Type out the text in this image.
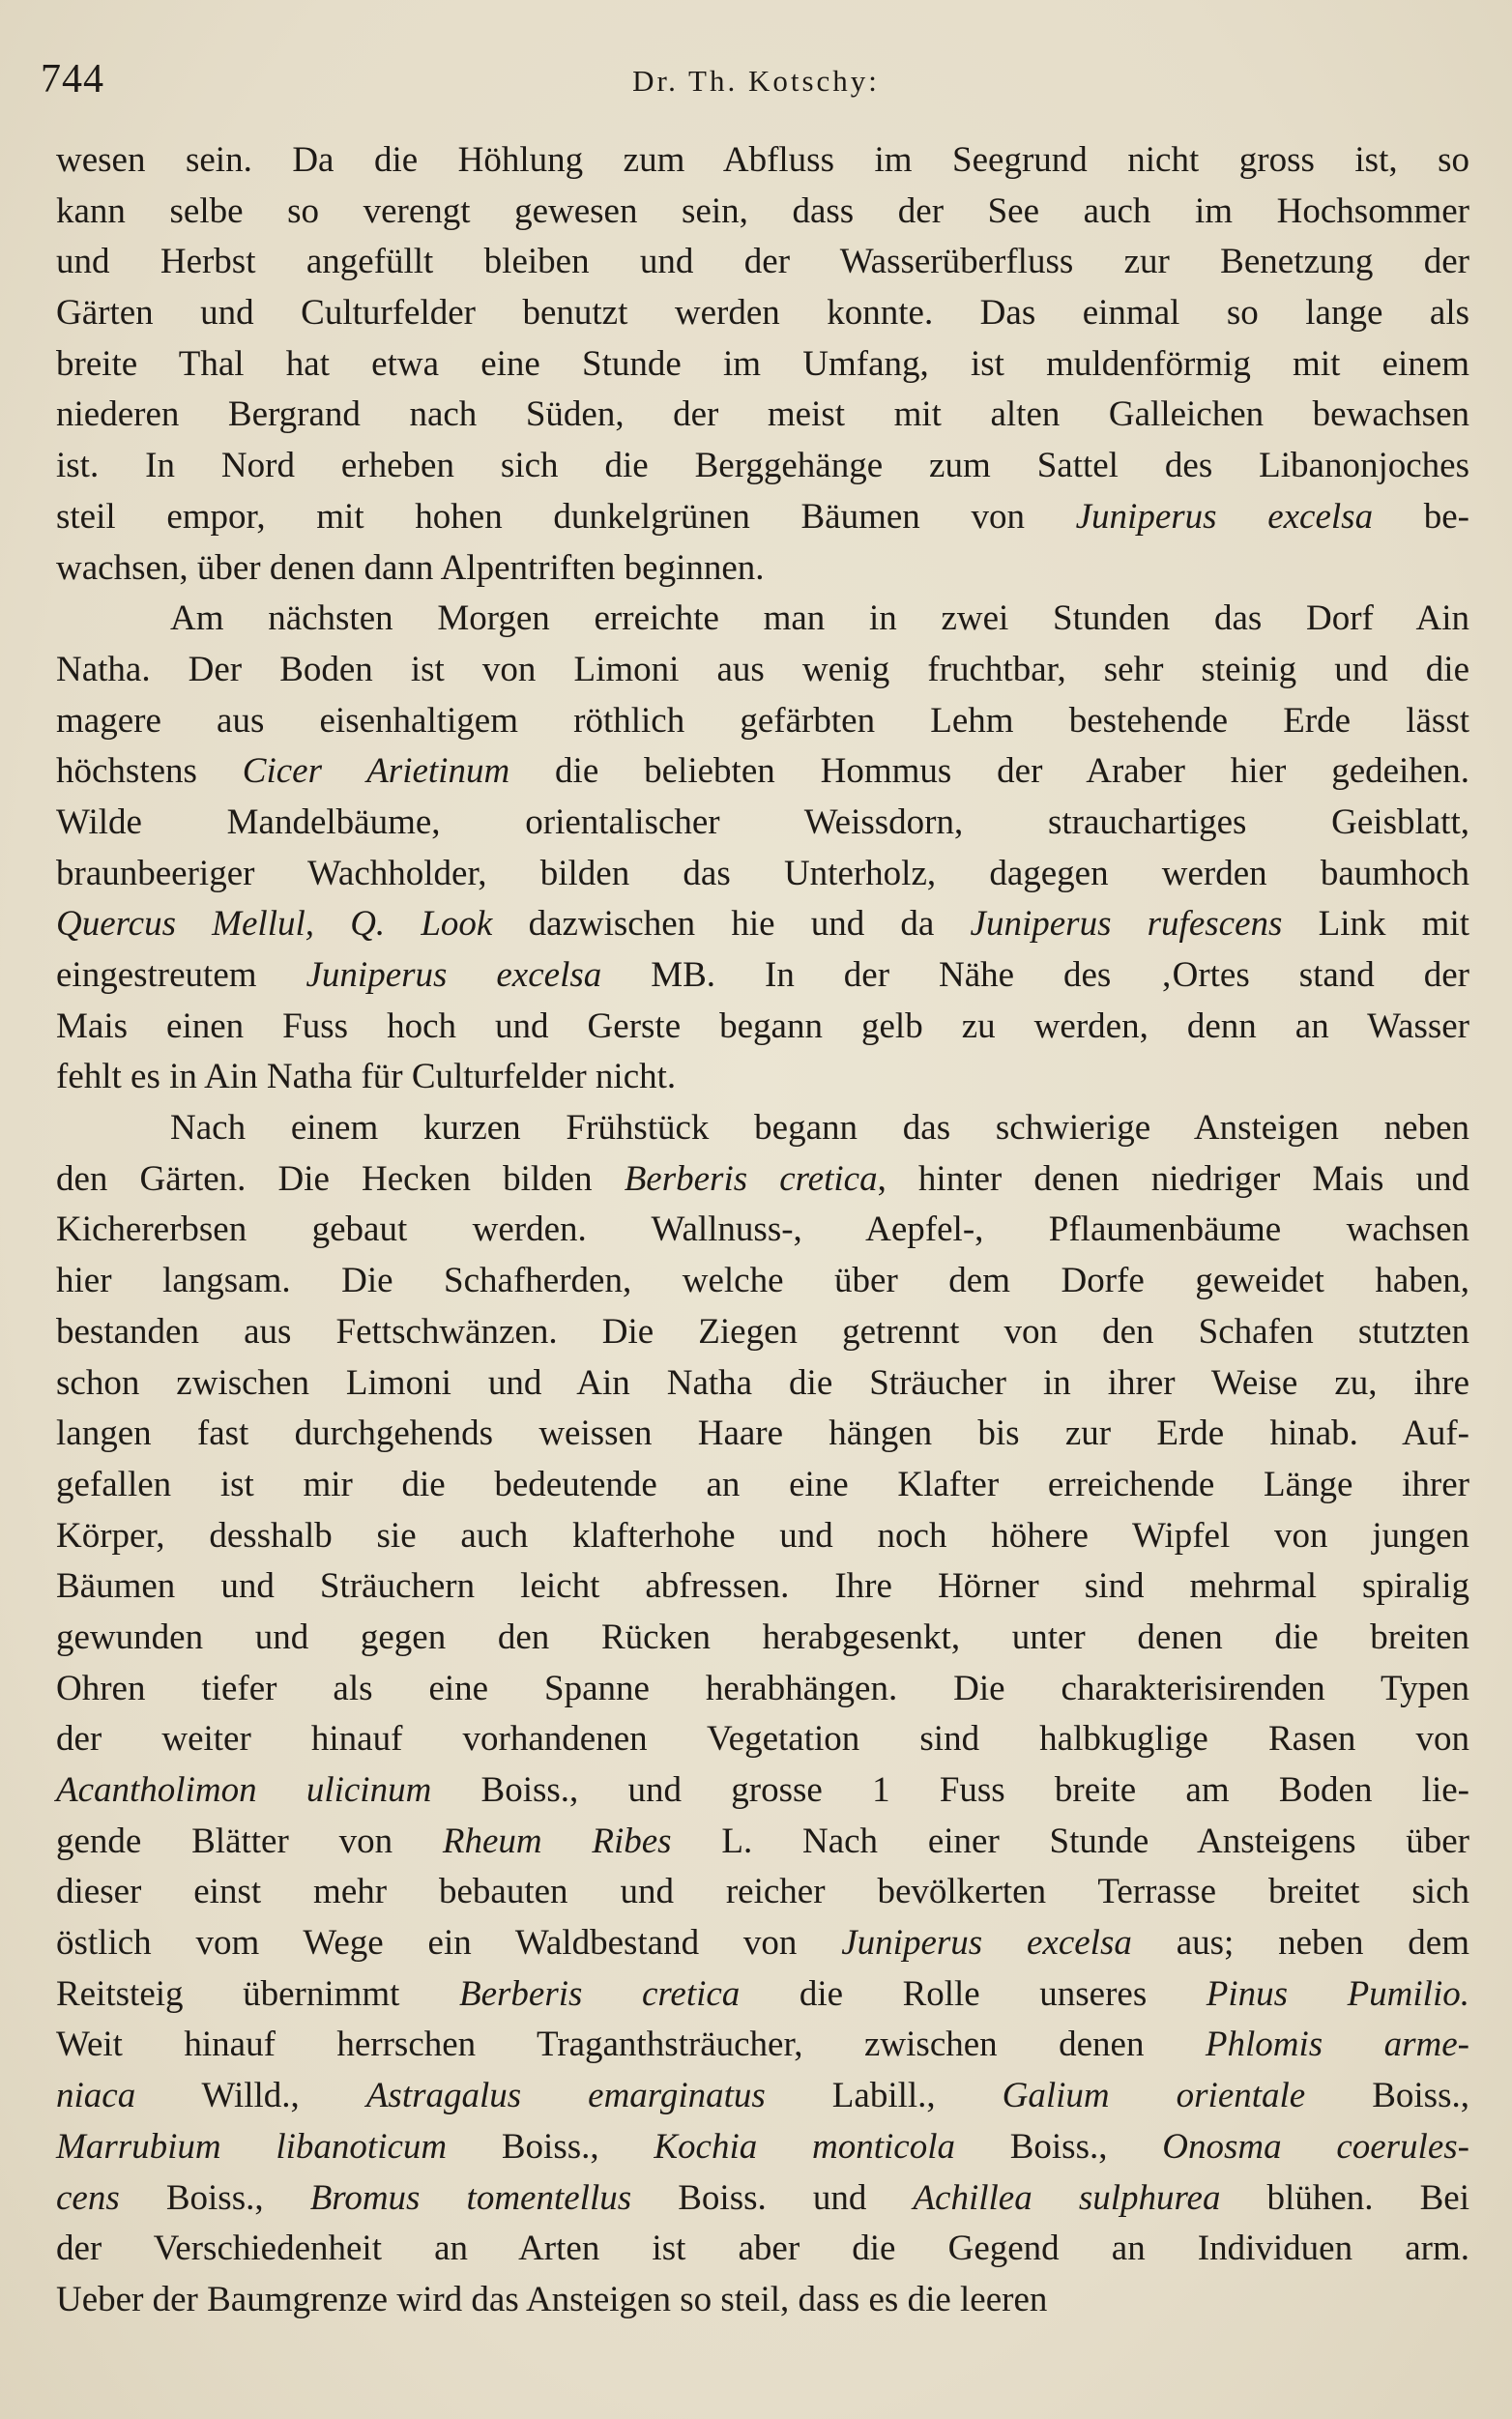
744	Dr. Th. Kotschy:
wesen sein. Da die Höhlung zum Abfluss im Seegrund nicht gross ist, so
kann selbe so verengt gewesen sein, dass der See auch im Hochsommer
und Herbst angefüllt bleiben und der Wasserüberfluss zur Benetzung der
Gärten und Culturfelder benutzt werden konnte. Das einmal so lange als
breite Thal hat etwa eine Stunde im Umfang, ist muldenförmig mit einem
niederen Bergrand nach Süden, der meist mit alten Galleichen bewachsen
ist. In Nord erheben sich die Berggehänge zum Sattel des Libanonjoches
steil empor, mit hohen dunkelgrünen Bäumen von Juniperus excelsa be-
wachsen, über denen dann Alpentriften beginnen.
Am nächsten Morgen erreichte man in zwei Stunden das Dorf Ain
Natha. Der Boden ist von Limoni aus wenig fruchtbar, sehr steinig und die
magere aus eisenhaltigem röthlich gefärbten Lehm bestehende Erde lässt
höchstens Cicer Arietinum die beliebten Hommus der Araber hier gedeihen.
Wilde Mandelbäume, orientalischer Weissdorn, strauchartiges Geisblatt,
braunbeeriger Wachholder, bilden das Unterholz, dagegen werden baumhoch
Quercus Mellul, Q. Look dazwischen hie und da Juniperus rufescens Link mit
eingestreutem Juniperus excelsa MB. In der Nähe des ‚Ortes stand der
Mais einen Fuss hoch und Gerste begann gelb zu werden, denn an Wasser
fehlt es in Ain Natha für Culturfelder nicht.
Nach einem kurzen Frühstück begann das schwierige Ansteigen neben
den Gärten. Die Hecken bilden Berberis cretica, hinter denen niedriger Mais und
Kichererbsen gebaut werden. Wallnuss-, Aepfel-, Pflaumenbäume wachsen
hier langsam. Die Schafherden, welche über dem Dorfe geweidet haben,
bestanden aus Fettschwänzen. Die Ziegen getrennt von den Schafen stutzten
schon zwischen Limoni und Ain Natha die Sträucher in ihrer Weise zu, ihre
langen fast durchgehends weissen Haare hängen bis zur Erde hinab. Auf-
gefallen ist mir die bedeutende an eine Klafter erreichende Länge ihrer
Körper, desshalb sie auch klafterhohe und noch höhere Wipfel von jungen
Bäumen und Sträuchern leicht abfressen. Ihre Hörner sind mehrmal spiralig
gewunden und gegen den Rücken herabgesenkt, unter denen die breiten
Ohren tiefer als eine Spanne herabhängen. Die charakterisirenden Typen
der weiter hinauf vorhandenen Vegetation sind halbkuglige Rasen von
Acantholimon ulicinum Boiss., und grosse 1 Fuss breite am Boden lie-
gende Blätter von Rheum Ribes L. Nach einer Stunde Ansteigens über
dieser einst mehr bebauten und reicher bevölkerten Terrasse breitet sich
östlich vom Wege ein Waldbestand von Juniperus excelsa aus; neben dem
Reitsteig übernimmt Berberis cretica die Rolle unseres Pinus Pumilio.
Weit hinauf herrschen Traganthsträucher, zwischen denen Phlomis arme-
niaca Willd., Astragalus emarginatus Labill., Galium orientale Boiss.,
Marrubium libanoticum Boiss., Kochia monticola Boiss., Onosma coerules-
cens Boiss., Bromus tomentellus Boiss. und Achillea sulphurea blühen. Bei
der Verschiedenheit an Arten ist aber die Gegend an Individuen arm.
Ueber der Baumgrenze wird das Ansteigen so steil, dass es die leeren
